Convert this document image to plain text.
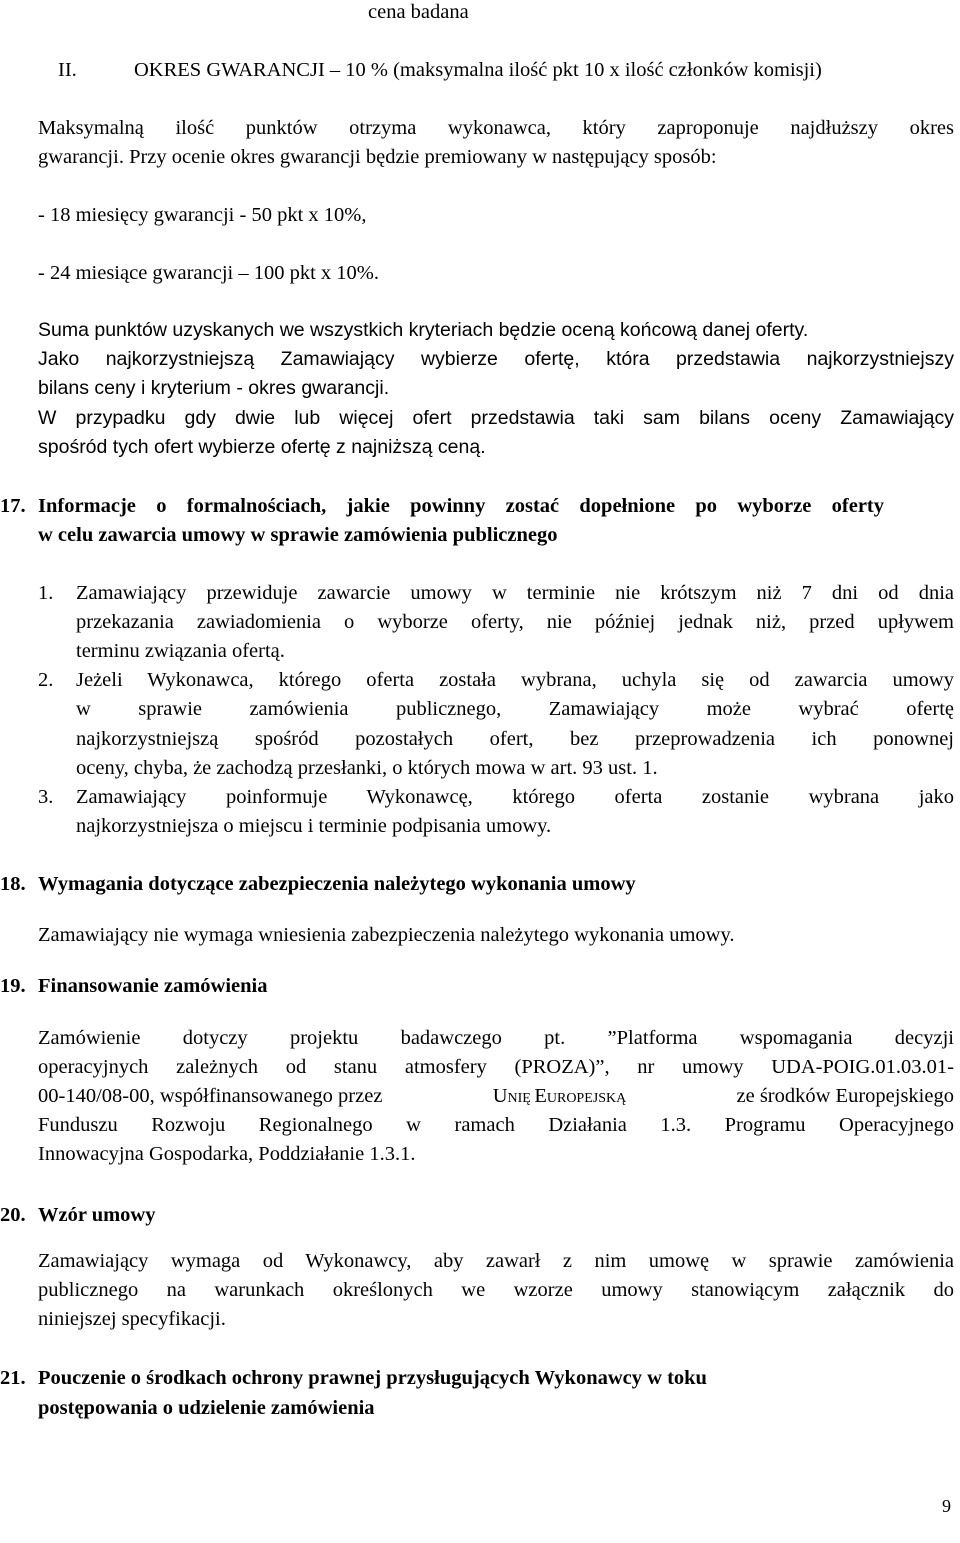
cena badana
II.	OKRES GWARANCJI – 10 % (maksymalna ilość pkt 10 x ilość członków komisji)
Maksymalną ilość punktów otrzyma wykonawca, który zaproponuje najdłuższy okres
gwarancji. Przy ocenie okres gwarancji będzie premiowany w następujący sposób:
- 18 miesięcy gwarancji - 50 pkt x 10%,
- 24 miesiące gwarancji – 100 pkt x 10%.
Suma punktów uzyskanych we wszystkich kryteriach będzie oceną końcową danej oferty.
Jako najkorzystniejszą Zamawiający wybierze ofertę, która przedstawia najkorzystniejszy
bilans ceny i kryterium - okres gwarancji.
W przypadku gdy dwie lub więcej ofert przedstawia taki sam bilans oceny Zamawiający
spośród tych ofert wybierze ofertę z najniższą ceną.
17. Informacje o formalnościach, jakie powinny zostać dopełnione po wyborze oferty
w celu zawarcia umowy w sprawie zamówienia publicznego
1. Zamawiający przewiduje zawarcie umowy w terminie nie krótszym niż 7 dni od dnia
przekazania zawiadomienia o wyborze oferty, nie później jednak niż, przed upływem
terminu związania ofertą.
2. Jeżeli Wykonawca, którego oferta została wybrana, uchyla się od zawarcia umowy
w sprawie zamówienia publicznego, Zamawiający może wybrać ofertę
najkorzystniejszą spośród pozostałych ofert, bez przeprowadzenia ich ponownej
oceny, chyba, że zachodzą przesłanki, o których mowa w art. 93 ust. 1.
3. Zamawiający poinformuje Wykonawcę, którego oferta zostanie wybrana jako
najkorzystniejsza o miejscu i terminie podpisania umowy.
18. Wymagania dotyczące zabezpieczenia należytego wykonania umowy
Zamawiający nie wymaga wniesienia zabezpieczenia należytego wykonania umowy.
19. Finansowanie zamówienia
Zamówienie dotyczy projektu badawczego pt. ”Platforma wspomagania decyzji
operacyjnych zależnych od stanu atmosfery (PROZA)”, nr umowy UDA-POIG.01.03.01-
00-140/08-00, współfinansowanego przez	UNIĘ EUROPEJSKĄ	ze środków Europejskiego
Funduszu Rozwoju Regionalnego w ramach Działania 1.3. Programu Operacyjnego
Innowacyjna Gospodarka, Poddziałanie 1.3.1.
20. Wzór umowy
Zamawiający wymaga od Wykonawcy, aby zawarł z nim umowę w sprawie zamówienia
publicznego na warunkach określonych we wzorze umowy stanowiącym załącznik do
niniejszej specyfikacji.
21. Pouczenie o środkach ochrony prawnej przysługujących Wykonawcy w toku
postępowania o udzielenie zamówienia
9
